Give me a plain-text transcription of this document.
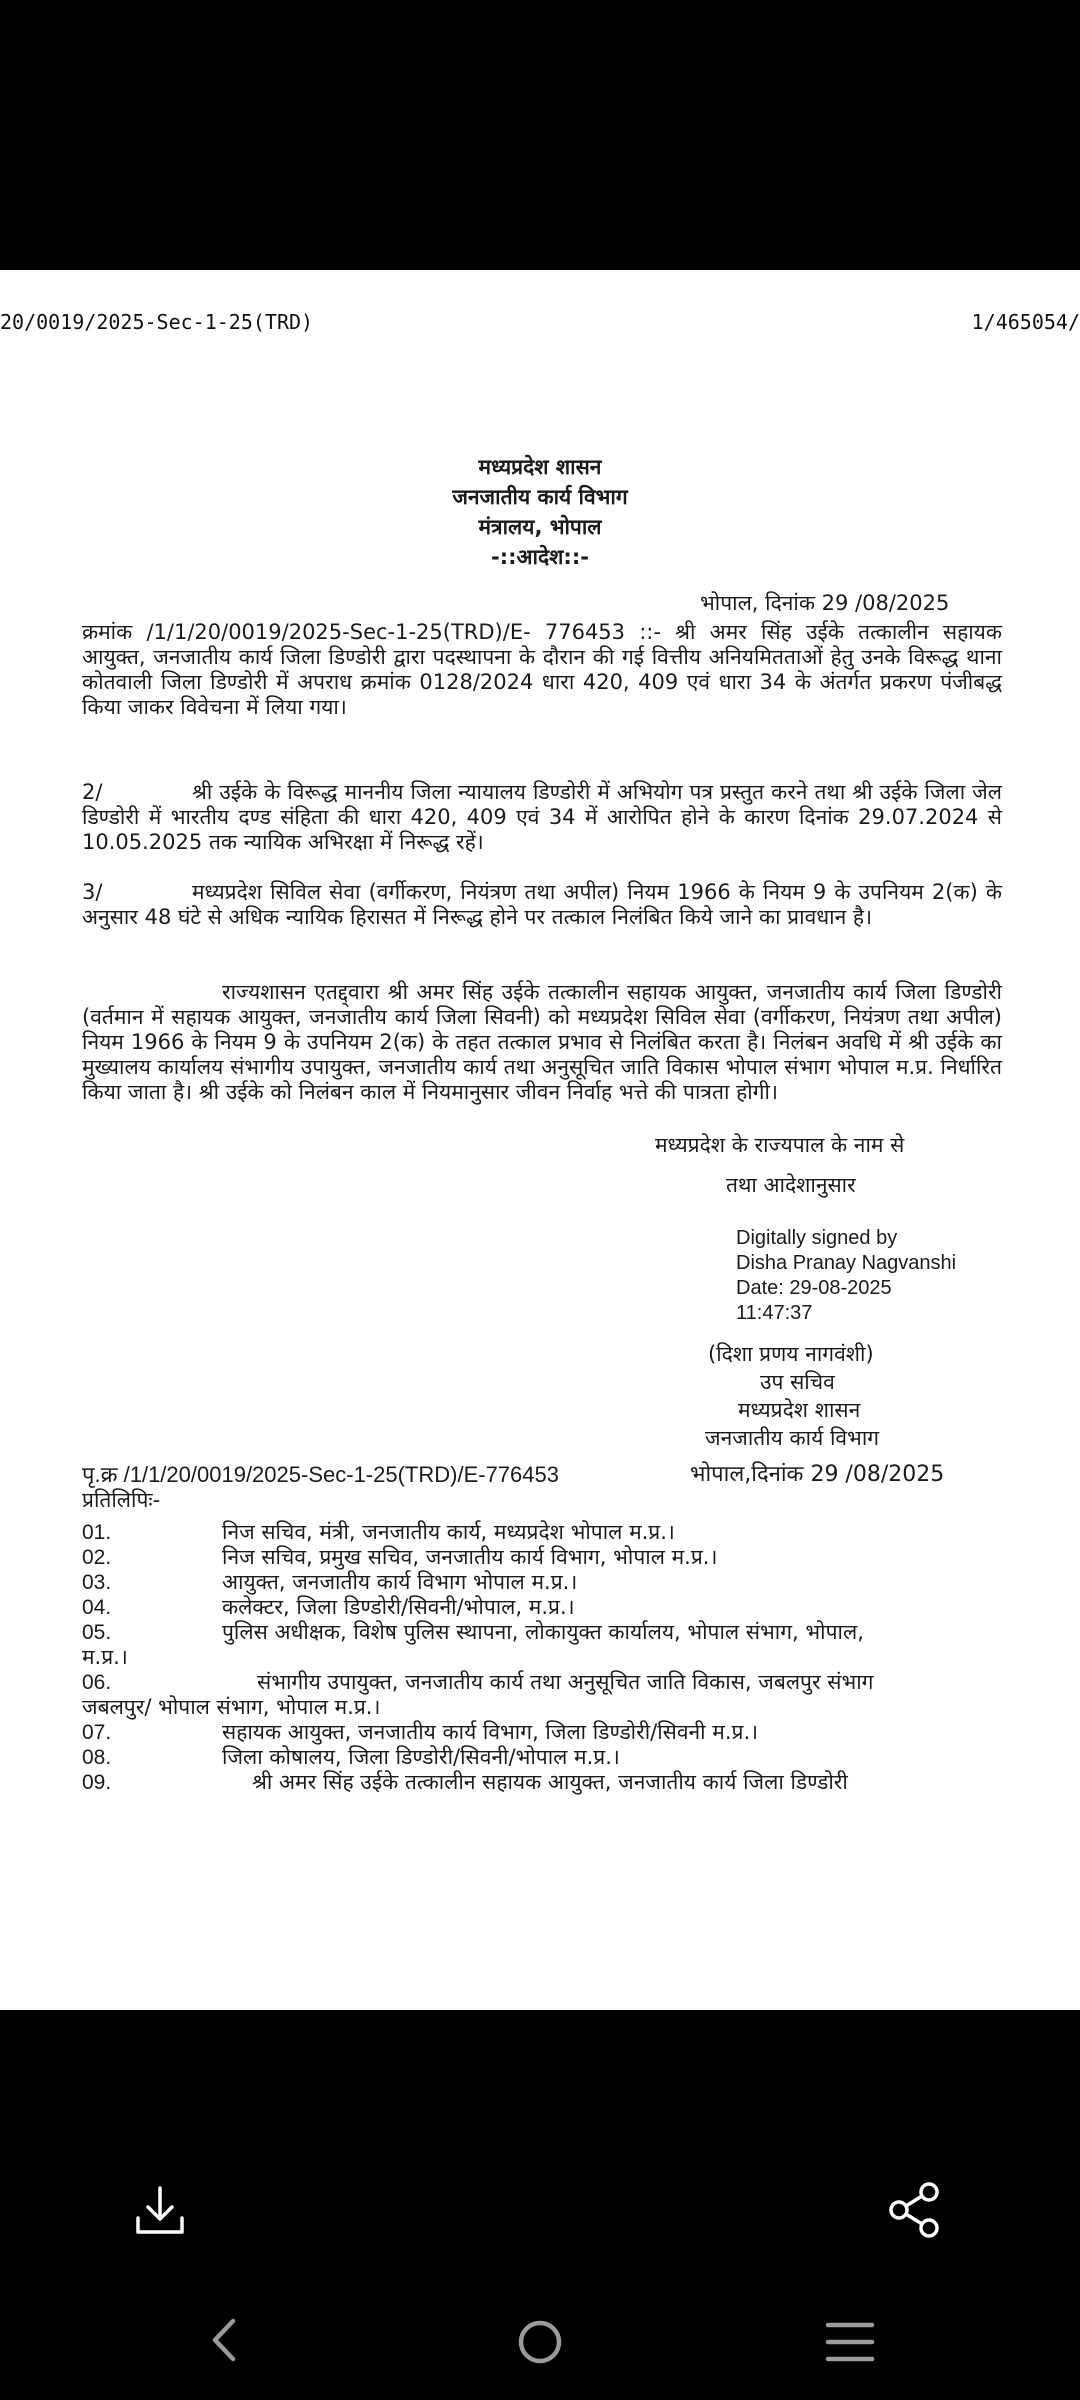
20/0019/2025-Sec-1-25(TRD)	1/465054/
मध्यप्रदेश शासन
जनजातीय कार्य विभाग
मंत्रालय, भोपाल
-::आदेश::-
भोपाल, दिनांक 29 /08/2025
क्रमांक /1/1/20/0019/2025-Sec-1-25(TRD)/E- 776453 ::- श्री अमर सिंह उईके तत्कालीन सहायक आयुक्त, जनजातीय कार्य जिला डिण्डोरी द्वारा पदस्थापना के दौरान की गई वित्तीय अनियमितताओं हेतु उनके विरूद्ध थाना कोतवाली जिला डिण्डोरी में अपराध क्रमांक 0128/2024 धारा 420, 409 एवं धारा 34 के अंतर्गत प्रकरण पंजीबद्ध किया जाकर विवेचना में लिया गया।
2/	श्री उईके के विरूद्ध माननीय जिला न्यायालय डिण्डोरी में अभियोग पत्र प्रस्तुत करने तथा श्री उईके जिला जेल डिण्डोरी में भारतीय दण्ड संहिता की धारा 420, 409 एवं 34 में आरोपित होने के कारण दिनांक 29.07.2024 से 10.05.2025 तक न्यायिक अभिरक्षा में निरूद्ध रहें।
3/	मध्यप्रदेश सिविल सेवा (वर्गीकरण, नियंत्रण तथा अपील) नियम 1966 के नियम 9 के उपनियम 2(क) के अनुसार 48 घंटे से अधिक न्यायिक हिरासत में निरूद्ध होने पर तत्काल निलंबित किये जाने का प्रावधान है।
राज्यशासन एतद्द्वारा श्री अमर सिंह उईके तत्कालीन सहायक आयुक्त, जनजातीय कार्य जिला डिण्डोरी (वर्तमान में सहायक आयुक्त, जनजातीय कार्य जिला सिवनी) को मध्यप्रदेश सिविल सेवा (वर्गीकरण, नियंत्रण तथा अपील) नियम 1966 के नियम 9 के उपनियम 2(क) के तहत तत्काल प्रभाव से निलंबित करता है। निलंबन अवधि में श्री उईके का मुख्यालय कार्यालय संभागीय उपायुक्त, जनजातीय कार्य तथा अनुसूचित जाति विकास भोपाल संभाग भोपाल म.प्र. निर्धारित किया जाता है। श्री उईके को निलंबन काल में नियमानुसार जीवन निर्वाह भत्ते की पात्रता होगी।
मध्यप्रदेश के राज्यपाल के नाम से
तथा आदेशानुसार
Digitally signed by
Disha Pranay Nagvanshi
Date: 29-08-2025
11:47:37
(दिशा प्रणय नागवंशी)
उप सचिव
मध्यप्रदेश शासन
जनजातीय कार्य विभाग
पृ.क्र /1/1/20/0019/2025-Sec-1-25(TRD)/E-776453	भोपाल,दिनांक 29 /08/2025
प्रतिलिपिः-
01.	निज सचिव, मंत्री, जनजातीय कार्य, मध्यप्रदेश भोपाल म.प्र.।
02.	निज सचिव, प्रमुख सचिव, जनजातीय कार्य विभाग, भोपाल म.प्र.।
03.	आयुक्त, जनजातीय कार्य विभाग भोपाल म.प्र.।
04.	कलेक्टर, जिला डिण्डोरी/सिवनी/भोपाल, म.प्र.।
05.	पुलिस अधीक्षक, विशेष पुलिस स्थापना, लोकायुक्त कार्यालय, भोपाल संभाग, भोपाल,
म.प्र.।
06.	संभागीय उपायुक्त, जनजातीय कार्य तथा अनुसूचित जाति विकास, जबलपुर संभाग
जबलपुर/ भोपाल संभाग, भोपाल म.प्र.।
07.	सहायक आयुक्त, जनजातीय कार्य विभाग, जिला डिण्डोरी/सिवनी म.प्र.।
08.	जिला कोषालय, जिला डिण्डोरी/सिवनी/भोपाल म.प्र.।
09.	श्री अमर सिंह उईके तत्कालीन सहायक आयुक्त, जनजातीय कार्य जिला डिण्डोरी
